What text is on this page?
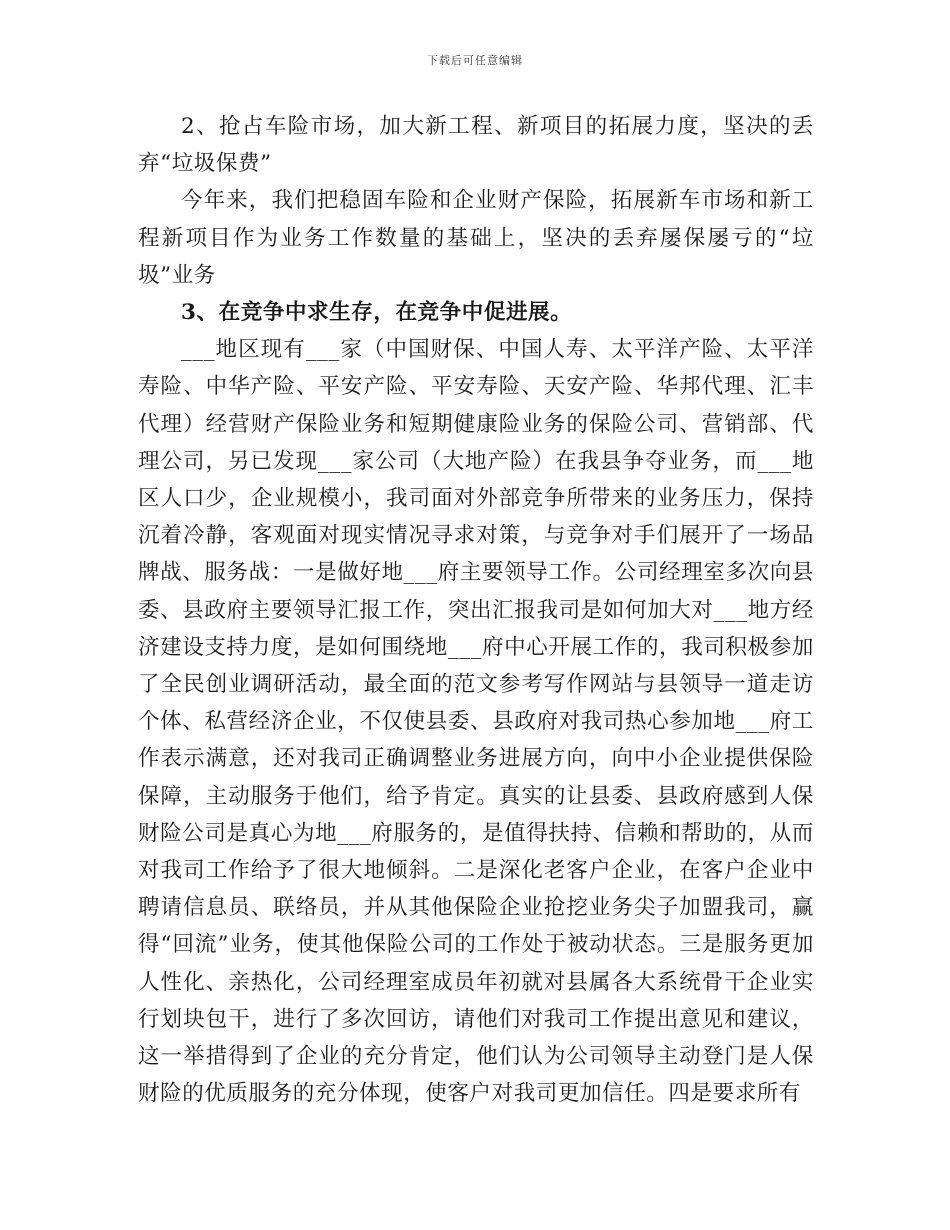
下载后可任意编辑

2、抢占车险市场，加大新工程、新项目的拓展力度，坚决的丢弃“垃圾保费”

今年来，我们把稳固车险和企业财产保险，拓展新车市场和新工程新项目作为业务工作数量的基础上，坚决的丢弃屡保屡亏的“垃圾”业务

3、在竞争中求生存，在竞争中促进展。

___地区现有___家（中国财保、中国人寿、太平洋产险、太平洋寿险、中华产险、平安产险、平安寿险、天安产险、华邦代理、汇丰代理）经营财产保险业务和短期健康险业务的保险公司、营销部、代理公司，另已发现___家公司（大地产险）在我县争夺业务，而___地区人口少，企业规模小，我司面对外部竞争所带来的业务压力，保持沉着冷静，客观面对现实情况寻求对策，与竞争对手们展开了一场品牌战、服务战：一是做好地___府主要领导工作。公司经理室多次向县委、县政府主要领导汇报工作，突出汇报我司是如何加大对___地方经济建设支持力度，是如何围绕地___府中心开展工作的，我司积极参加了全民创业调研活动，最全面的范文参考写作网站与县领导一道走访个体、私营经济企业，不仅使县委、县政府对我司热心参加地___府工作表示满意，还对我司正确调整业务进展方向，向中小企业提供保险保障，主动服务于他们，给予肯定。真实的让县委、县政府感到人保财险公司是真心为地___府服务的，是值得扶持、信赖和帮助的，从而对我司工作给予了很大地倾斜。二是深化老客户企业，在客户企业中聘请信息员、联络员，并从其他保险企业抢挖业务尖子加盟我司，赢得“回流”业务，使其他保险公司的工作处于被动状态。三是服务更加人性化、亲热化，公司经理室成员年初就对县属各大系统骨干企业实行划块包干，进行了多次回访，请他们对我司工作提出意见和建议，这一举措得到了企业的充分肯定，他们认为公司领导主动登门是人保财险的优质服务的充分体现，使客户对我司更加信任。四是要求所有
